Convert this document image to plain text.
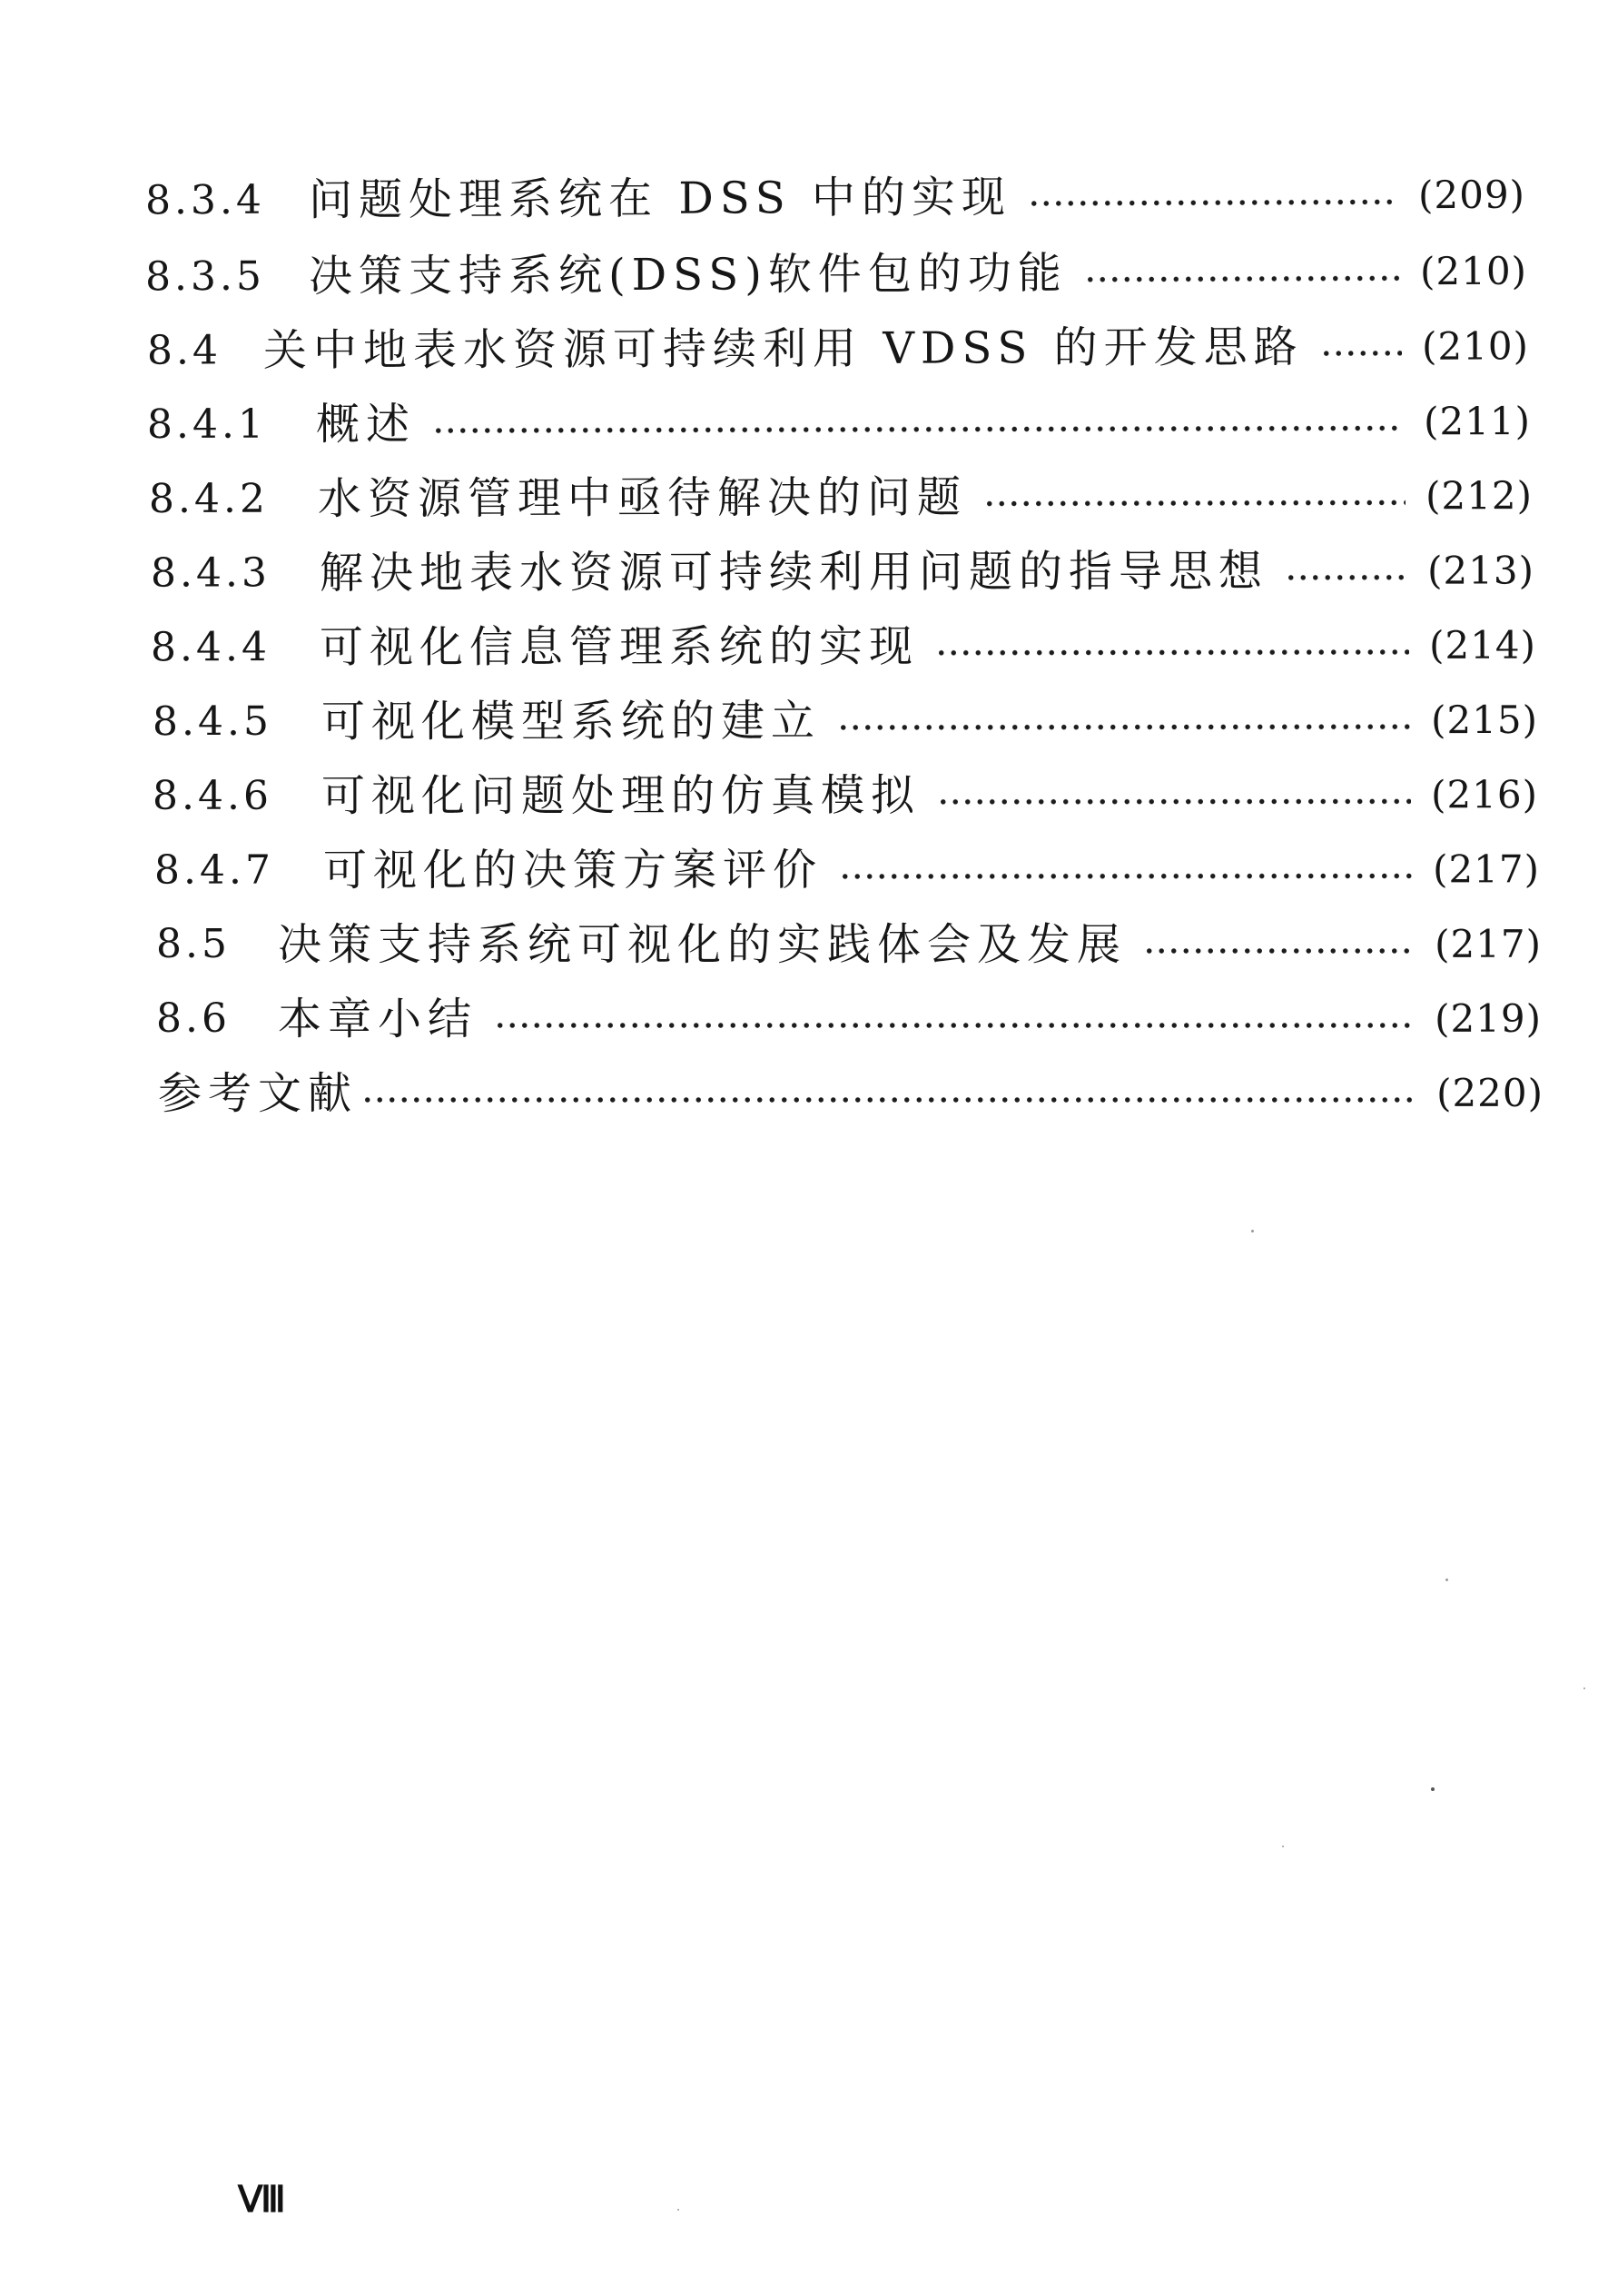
8.3.4 问题处理系统在 DSS 中的实现	(209)
8.3.5 决策支持系统(DSS)软件包的功能	(210)
8.4 关中地表水资源可持续利用 VDSS 的开发思路	(210)
8.4.1	概述	(211)
8.4.2	水资源管理中亟待解决的问题	(212)
8.4.3	解决地表水资源可持续利用问题的指导思想	(213)
8.4.4	可视化信息管理系统的实现	(214)
8.4.5	可视化模型系统的建立	(215)
8.4.6	可视化问题处理的仿真模拟	(216)
8.4.7	可视化的决策方案评价	(217)
8.5	决策支持系统可视化的实践体会及发展	(217)
8.6	本章小结	(219)
参考文献	(220)
Ⅷ
